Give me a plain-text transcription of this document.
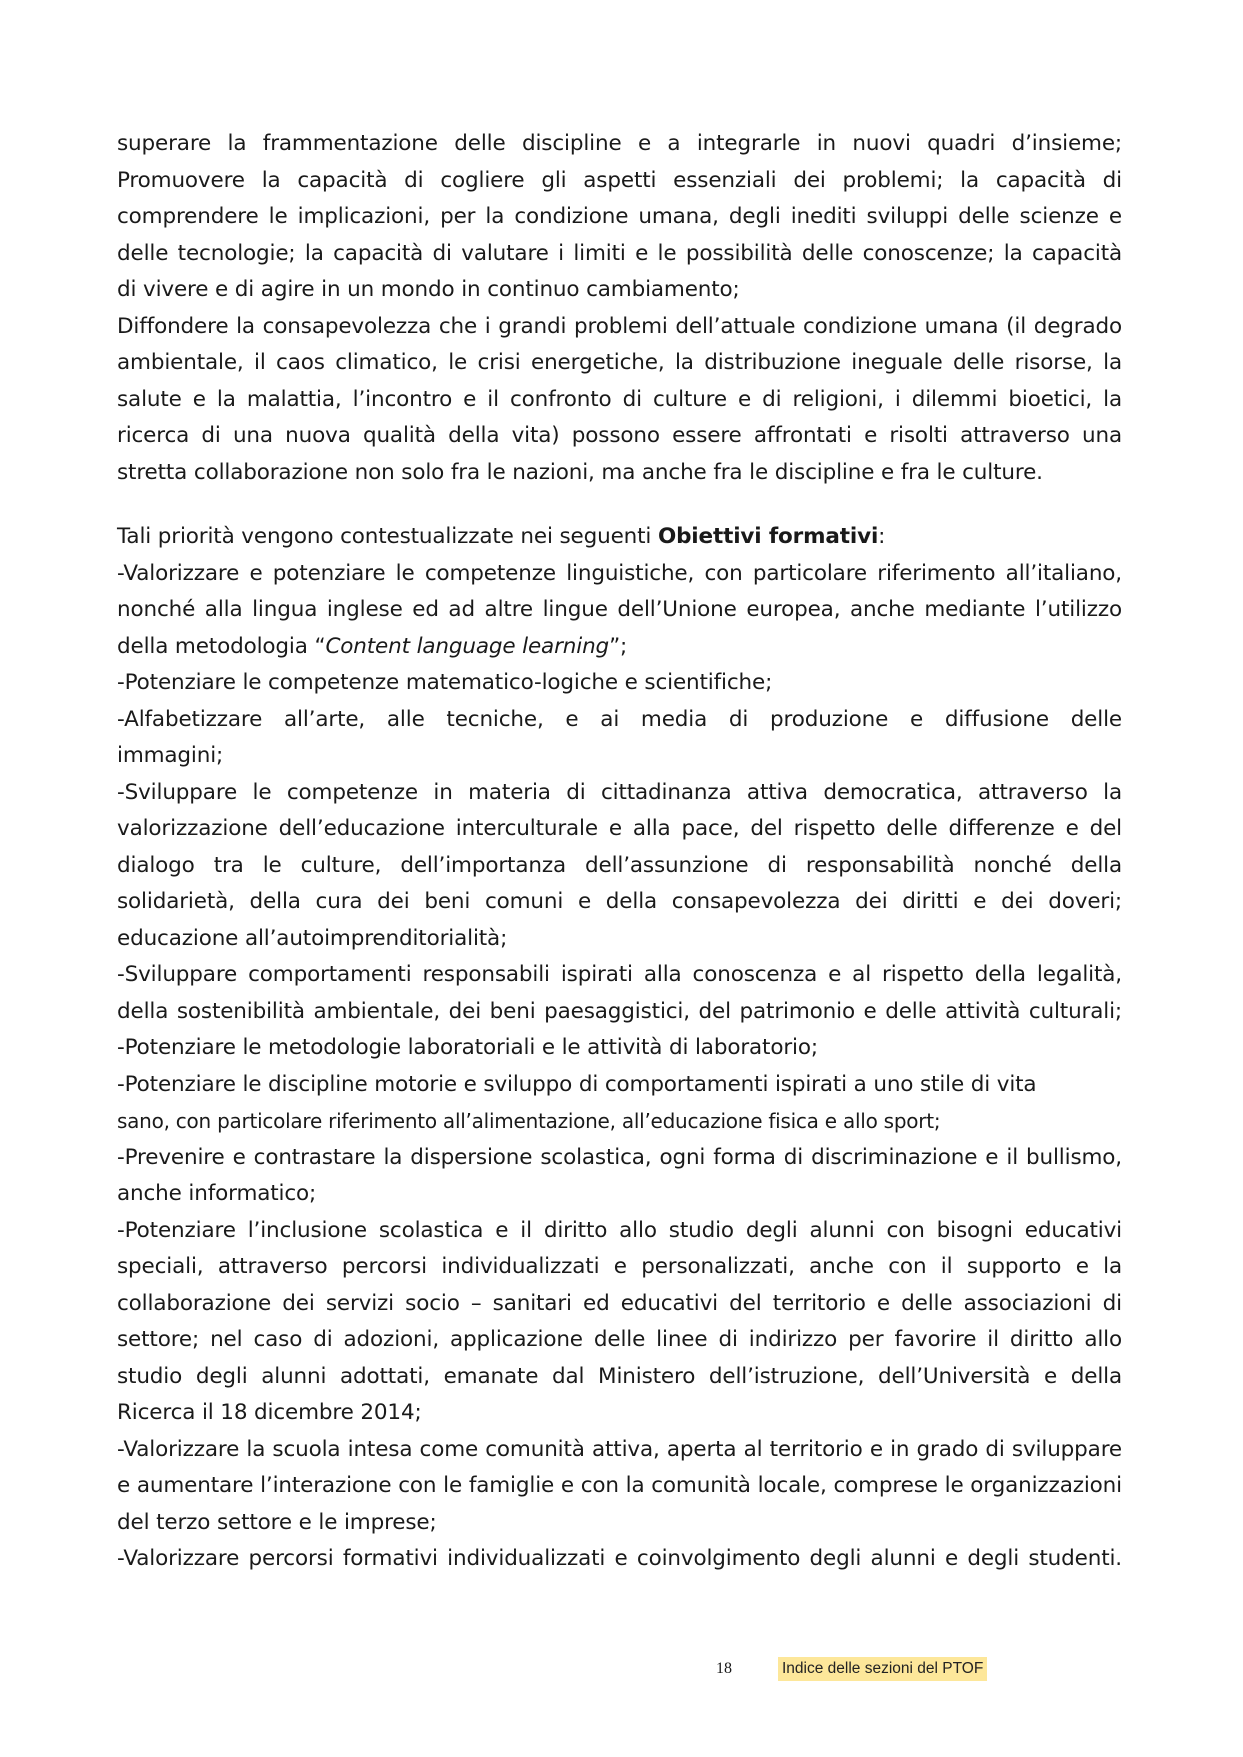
superare la frammentazione delle discipline e a integrarle in nuovi quadri d’insieme;
Promuovere la capacità di cogliere gli aspetti essenziali dei problemi; la capacità di
comprendere le implicazioni, per la condizione umana, degli inediti sviluppi delle scienze e
delle tecnologie; la capacità di valutare i limiti e le possibilità delle conoscenze; la capacità
di vivere e di agire in un mondo in continuo cambiamento;
Diffondere la consapevolezza che i grandi problemi dell’attuale condizione umana (il degrado
ambientale, il caos climatico, le crisi energetiche, la distribuzione ineguale delle risorse, la
salute e la malattia, l’incontro e il confronto di culture e di religioni, i dilemmi bioetici, la
ricerca di una nuova qualità della vita) possono essere affrontati e risolti attraverso una
stretta collaborazione non solo fra le nazioni, ma anche fra le discipline e fra le culture.
Tali priorità vengono contestualizzate nei seguenti Obiettivi formativi:
-Valorizzare e potenziare le competenze linguistiche, con particolare riferimento all’italiano,
nonché alla lingua inglese ed ad altre lingue dell’Unione europea, anche mediante l’utilizzo
della metodologia “Content language learning”;
-Potenziare le competenze matematico-logiche e scientifiche;
-Alfabetizzare all’arte, alle tecniche, e ai media di produzione e diffusione delle
immagini;
-Sviluppare le competenze in materia di cittadinanza attiva democratica, attraverso la
valorizzazione dell’educazione interculturale e alla pace, del rispetto delle differenze e del
dialogo tra le culture, dell’importanza dell’assunzione di responsabilità nonché della
solidarietà, della cura dei beni comuni e della consapevolezza dei diritti e dei doveri;
educazione all’autoimprenditorialità;
-Sviluppare comportamenti responsabili ispirati alla conoscenza e al rispetto della legalità,
della sostenibilità ambientale, dei beni paesaggistici, del patrimonio e delle attività culturali;
-Potenziare le metodologie laboratoriali e le attività di laboratorio;
-Potenziare le discipline motorie e sviluppo di comportamenti ispirati a uno stile di vita
sano, con particolare riferimento all’alimentazione, all’educazione fisica e allo sport;
-Prevenire e contrastare la dispersione scolastica, ogni forma di discriminazione e il bullismo,
anche informatico;
-Potenziare l’inclusione scolastica e il diritto allo studio degli alunni con bisogni educativi
speciali, attraverso percorsi individualizzati e personalizzati, anche con il supporto e la
collaborazione dei servizi socio – sanitari ed educativi del territorio e delle associazioni di
settore; nel caso di adozioni, applicazione delle linee di indirizzo per favorire il diritto allo
studio degli alunni adottati, emanate dal Ministero dell’istruzione, dell’Università e della
Ricerca il 18 dicembre 2014;
-Valorizzare la scuola intesa come comunità attiva, aperta al territorio e in grado di sviluppare
e aumentare l’interazione con le famiglie e con la comunità locale, comprese le organizzazioni
del terzo settore e le imprese;
-Valorizzare percorsi formativi individualizzati e coinvolgimento degli alunni e degli studenti.
18	Indice delle sezioni del PTOF
